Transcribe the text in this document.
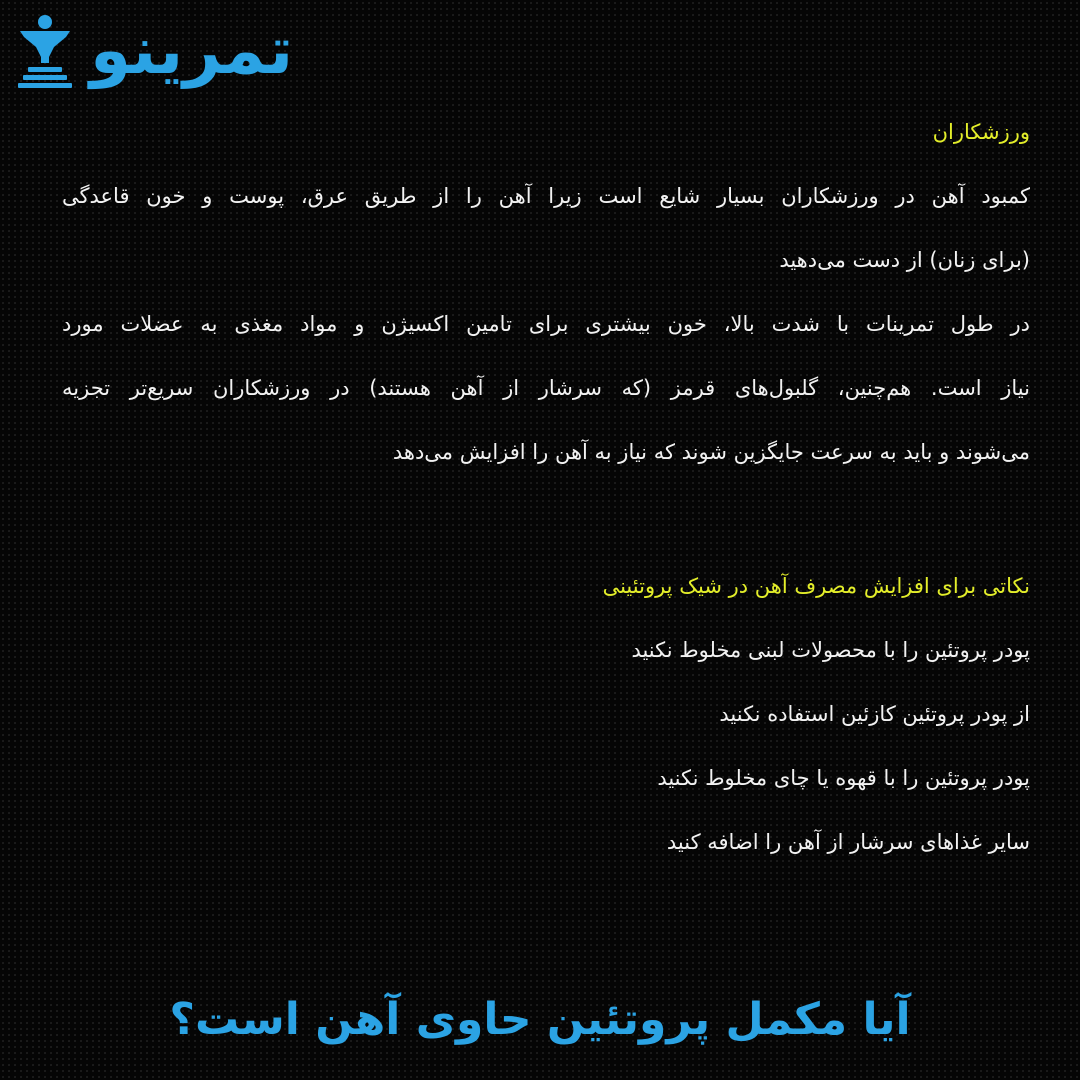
تمرینو
ورزشکاران
کمبود آهن در ورزشکاران بسیار شایع است زیرا آهن را از طریق عرق، پوست و خون قاعدگی
(برای زنان) از دست می‌دهید
در طول تمرینات با شدت بالا، خون بیشتری برای تامین اکسیژن و مواد مغذی به عضلات مورد
نیاز است. هم‌چنین، گلبول‌های قرمز (که سرشار از آهن هستند) در ورزشکاران سریع‌تر تجزیه
می‌شوند و باید به سرعت جایگزین شوند که نیاز به آهن را افزایش می‌دهد
نکاتی برای افزایش مصرف آهن در شیک پروتئینی
پودر پروتئین را با محصولات لبنی مخلوط نکنید
از پودر پروتئین کازئین استفاده نکنید
پودر پروتئین را با قهوه یا چای مخلوط نکنید
سایر غذاهای سرشار از آهن را اضافه کنید
آیا مکمل پروتئین حاوی آهن است؟
